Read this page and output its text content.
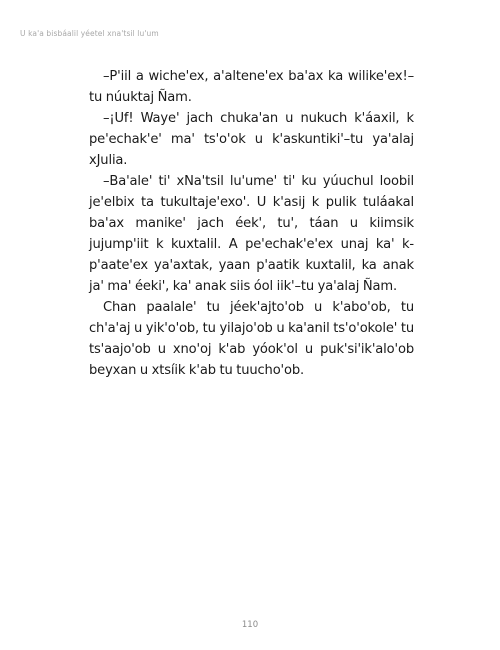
U ka'a bisbáalil yéetel xna'tsil lu'um

–P'iil a wiche'ex, a'altene'ex ba'ax ka wilike'ex!– tu núuktaj Ñam.

–¡Uf! Waye' jach chuka'an u nukuch k'áaxil, k pe'echak'e' ma' ts'o'ok u k'askuntiki'–tu ya'alaj xJulia.

–Ba'ale' ti' xNa'tsil lu'ume' ti' ku yúuchul loobil je'elbix ta tukultaje'exo'. U k'asij k pulik tuláakal ba'ax manike' jach éek', tu', táan u kiimsik jujump'iit k kuxtalil. A pe'echak'e'ex unaj ka' k-p'aate'ex ya'axtak, yaan p'aatik kuxtalil, ka anak ja' ma' éeki', ka' anak siis óol iik'–tu ya'alaj Ñam.

Chan paalale' tu jéek'ajto'ob u k'abo'ob, tu ch'a'aj u yik'o'ob, tu yilajo'ob u ka'anil ts'o'okole' tu ts'aajo'ob u xno'oj k'ab yóok'ol u puk'si'ik'alo'ob beyxan u xtsíik k'ab tu tuucho'ob.

110
